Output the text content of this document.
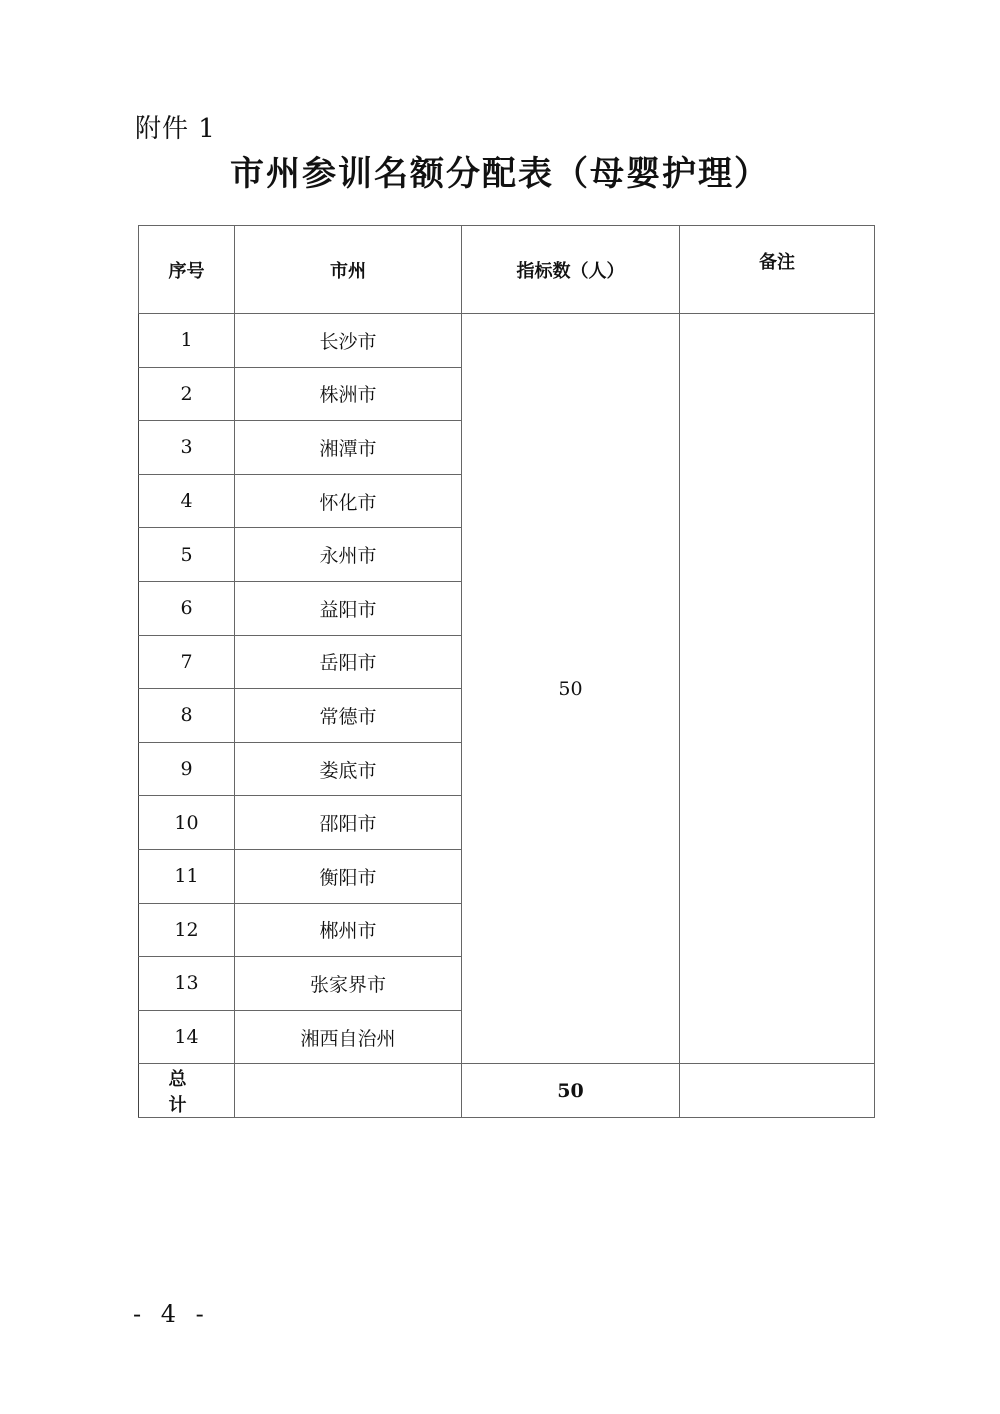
附件 1
市州参训名额分配表（母婴护理）
序号	市州	指标数（人）	备注
1	长沙市	50	
2	株洲市		
3	湘潭市		
4	怀化市		
5	永州市		
6	益阳市		
7	岳阳市		
8	常德市		
9	娄底市		
10	邵阳市		
11	衡阳市		
12	郴州市		
13	张家界市		
14	湘西自治州		
总 计		50	
- 4 -
